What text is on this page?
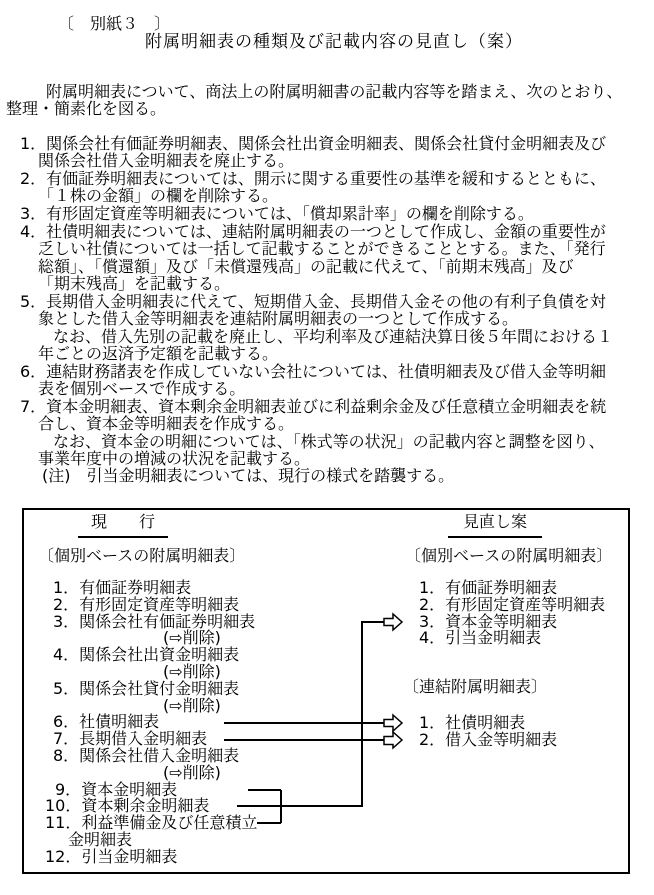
〔　別紙３　〕
附属明細表の種類及び記載内容の見直し（案）
附属明細表について、商法上の附属明細書の記載内容等を踏まえ、次のとおり、
整理・簡素化を図る。
1．関係会社有価証券明細表、関係会社出資金明細表、関係会社貸付金明細表及び
関係会社借入金明細表を廃止する。
2．有価証券明細表については、開示に関する重要性の基準を緩和するとともに、
「１株の金額」の欄を削除する。
3．有形固定資産等明細表については、「償却累計率」の欄を削除する。
4．社債明細表については、連結附属明細表の一つとして作成し、金額の重要性が
乏しい社債については一括して記載することができることとする。また、「発行
総額」、「償還額」及び「未償還残高」の記載に代えて、「前期末残高」及び
「期末残高」を記載する。
5．長期借入金明細表に代えて、短期借入金、長期借入金その他の有利子負債を対
象とした借入金等明細表を連結附属明細表の一つとして作成する。
なお、借入先別の記載を廃止し、平均利率及び連結決算日後５年間における１
年ごとの返済予定額を記載する。
6．連結財務諸表を作成していない会社については、社債明細表及び借入金等明細
表を個別ベースで作成する。
7．資本金明細表、資本剰余金明細表並びに利益剰余金及び任意積立金明細表を統
合し、資本金等明細表を作成する。
なお、資本金の明細については、「株式等の状況」の記載内容と調整を図り、
事業年度中の増減の状況を記載する。
(注)　引当金明細表については、現行の様式を踏襲する。
現　　行	見直し案
〔個別ベースの附属明細表〕	〔個別ベースの附属明細表〕
〔連結附属明細表〕
1．有価証券明細表
2．有形固定資産等明細表
3．関係会社有価証券明細表
(⇨削除)
4．関係会社出資金明細表
(⇨削除)
5．関係会社貸付金明細表
(⇨削除)
6．社債明細表
7．長期借入金明細表
8．関係会社借入金明細表
(⇨削除)
9．資本金明細表
10．資本剰余金明細表
11．利益準備金及び任意積立
金明細表
12．引当金明細表
1．有価証券明細表
2．有形固定資産等明細表
3．資本金等明細表
4．引当金明細表
1．社債明細表
2．借入金等明細表
